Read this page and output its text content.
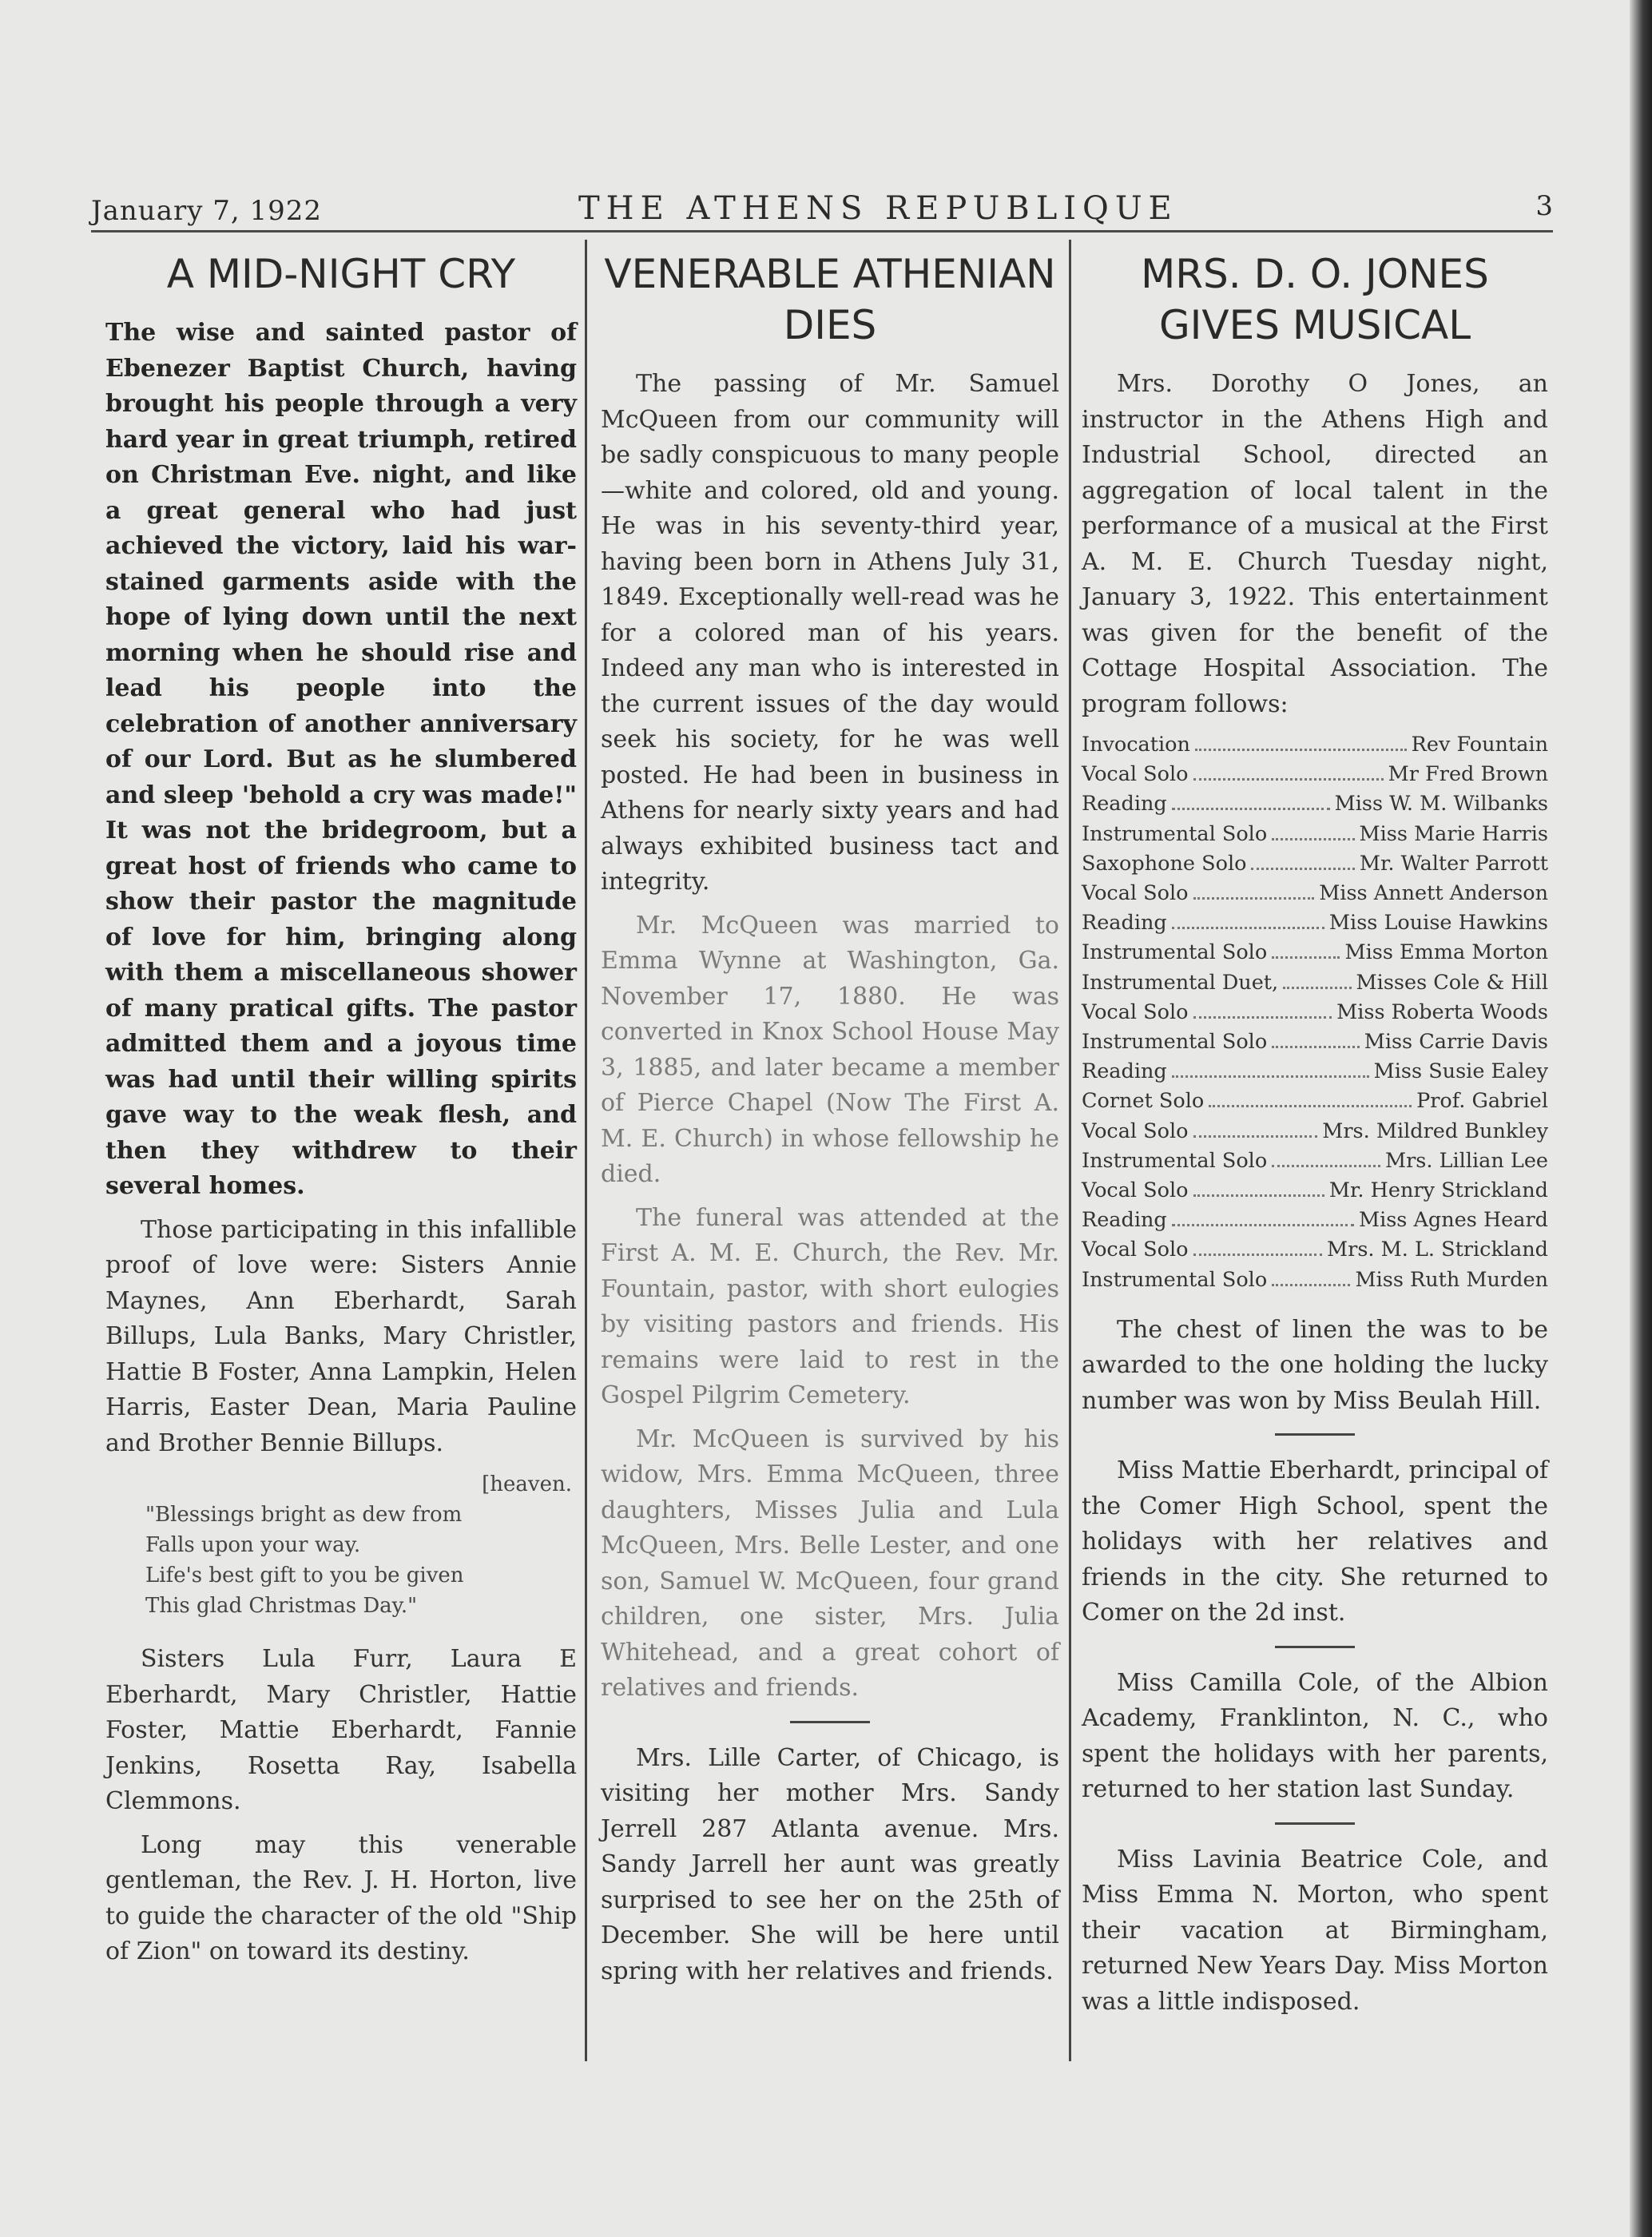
January 7, 1922	THE ATHENS REPUBLIQUE	3
A MID-NIGHT CRY

The wise and sainted pastor of Ebenezer Baptist Church, having brought his people through a very hard year in great triumph, retired on Christman Eve. night, and like a great general who had just achieved the victory, laid his war-stained garments aside with the hope of lying down until the next morning when he should rise and lead his people into the celebration of another anniversary of our Lord. But as he slumbered and sleep 'behold a cry was made!" It was not the bridegroom, but a great host of friends who came to show their pastor the magnitude of love for him, bringing along with them a miscellaneous shower of many pratical gifts. The pastor admitted them and a joyous time was had until their willing spirits gave way to the weak flesh, and then they withdrew to their several homes.

Those participating in this infallible proof of love were: Sisters Annie Maynes, Ann Eberhardt, Sarah Billups, Lula Banks, Mary Christler, Hattie B Foster, Anna Lampkin, Helen Harris, Easter Dean, Maria Pauline and Brother Bennie Billups.

[heaven.
"Blessings bright as dew from
Falls upon your way.
Life's best gift to you be given
This glad Christmas Day."

Sisters Lula Furr, Laura E Eberhardt, Mary Christler, Hattie Foster, Mattie Eberhardt, Fannie Jenkins, Rosetta Ray, Isabella Clemmons.

Long may this venerable gentleman, the Rev. J. H. Horton, live to guide the character of the old "Ship of Zion" on toward its destiny.

VENERABLE ATHENIAN DIES

The passing of Mr. Samuel McQueen from our community will be sadly conspicuous to many people—white and colored, old and young. He was in his seventy-third year, having been born in Athens July 31, 1849. Exceptionally well-read was he for a colored man of his years. Indeed any man who is interested in the current issues of the day would seek his society, for he was well posted. He had been in business in Athens for nearly sixty years and had always exhibited business tact and integrity.

Mr. McQueen was married to Emma Wynne at Washington, Ga. November 17, 1880. He was converted in Knox School House May 3, 1885, and later became a member of Pierce Chapel (Now The First A. M. E. Church) in whose fellowship he died.

The funeral was attended at the First A. M. E. Church, the Rev. Mr. Fountain, pastor, with short eulogies by visiting pastors and friends. His remains were laid to rest in the Gospel Pilgrim Cemetery.

Mr. McQueen is survived by his widow, Mrs. Emma McQueen, three daughters, Misses Julia and Lula McQueen, Mrs. Belle Lester, and one son, Samuel W. McQueen, four grand children, one sister, Mrs. Julia Whitehead, and a great cohort of relatives and friends.

Mrs. Lille Carter, of Chicago, is visiting her mother Mrs. Sandy Jerrell 287 Atlanta avenue. Mrs. Sandy Jarrell her aunt was greatly surprised to see her on the 25th of December. She will be here until spring with her relatives and friends.

MRS. D. O. JONES GIVES MUSICAL

Mrs. Dorothy O Jones, an instructor in the Athens High and Industrial School, directed an aggregation of local talent in the performance of a musical at the First A. M. E. Church Tuesday night, January 3, 1922. This entertainment was given for the benefit of the Cottage Hospital Association. The program follows:

Invocation	Rev Fountain
Vocal Solo	Mr Fred Brown
Reading	Miss W. M. Wilbanks
Instrumental Solo	Miss Marie Harris
Saxophone Solo	Mr. Walter Parrott
Vocal Solo	Miss Annett Anderson
Reading	Miss Louise Hawkins
Instrumental Solo	Miss Emma Morton
Instrumental Duet,	Misses Cole & Hill
Vocal Solo	Miss Roberta Woods
Instrumental Solo	Miss Carrie Davis
Reading	Miss Susie Ealey
Cornet Solo	Prof. Gabriel
Vocal Solo	Mrs. Mildred Bunkley
Instrumental Solo	Mrs. Lillian Lee
Vocal Solo	Mr. Henry Strickland
Reading	Miss Agnes Heard
Vocal Solo	Mrs. M. L. Strickland
Instrumental Solo	Miss Ruth Murden

The chest of linen the was to be awarded to the one holding the lucky number was won by Miss Beulah Hill.

Miss Mattie Eberhardt, principal of the Comer High School, spent the holidays with her relatives and friends in the city. She returned to Comer on the 2d inst.

Miss Camilla Cole, of the Albion Academy, Franklinton, N. C., who spent the holidays with her parents, returned to her station last Sunday.

Miss Lavinia Beatrice Cole, and Miss Emma N. Morton, who spent their vacation at Birmingham, returned New Years Day. Miss Morton was a little indisposed.
